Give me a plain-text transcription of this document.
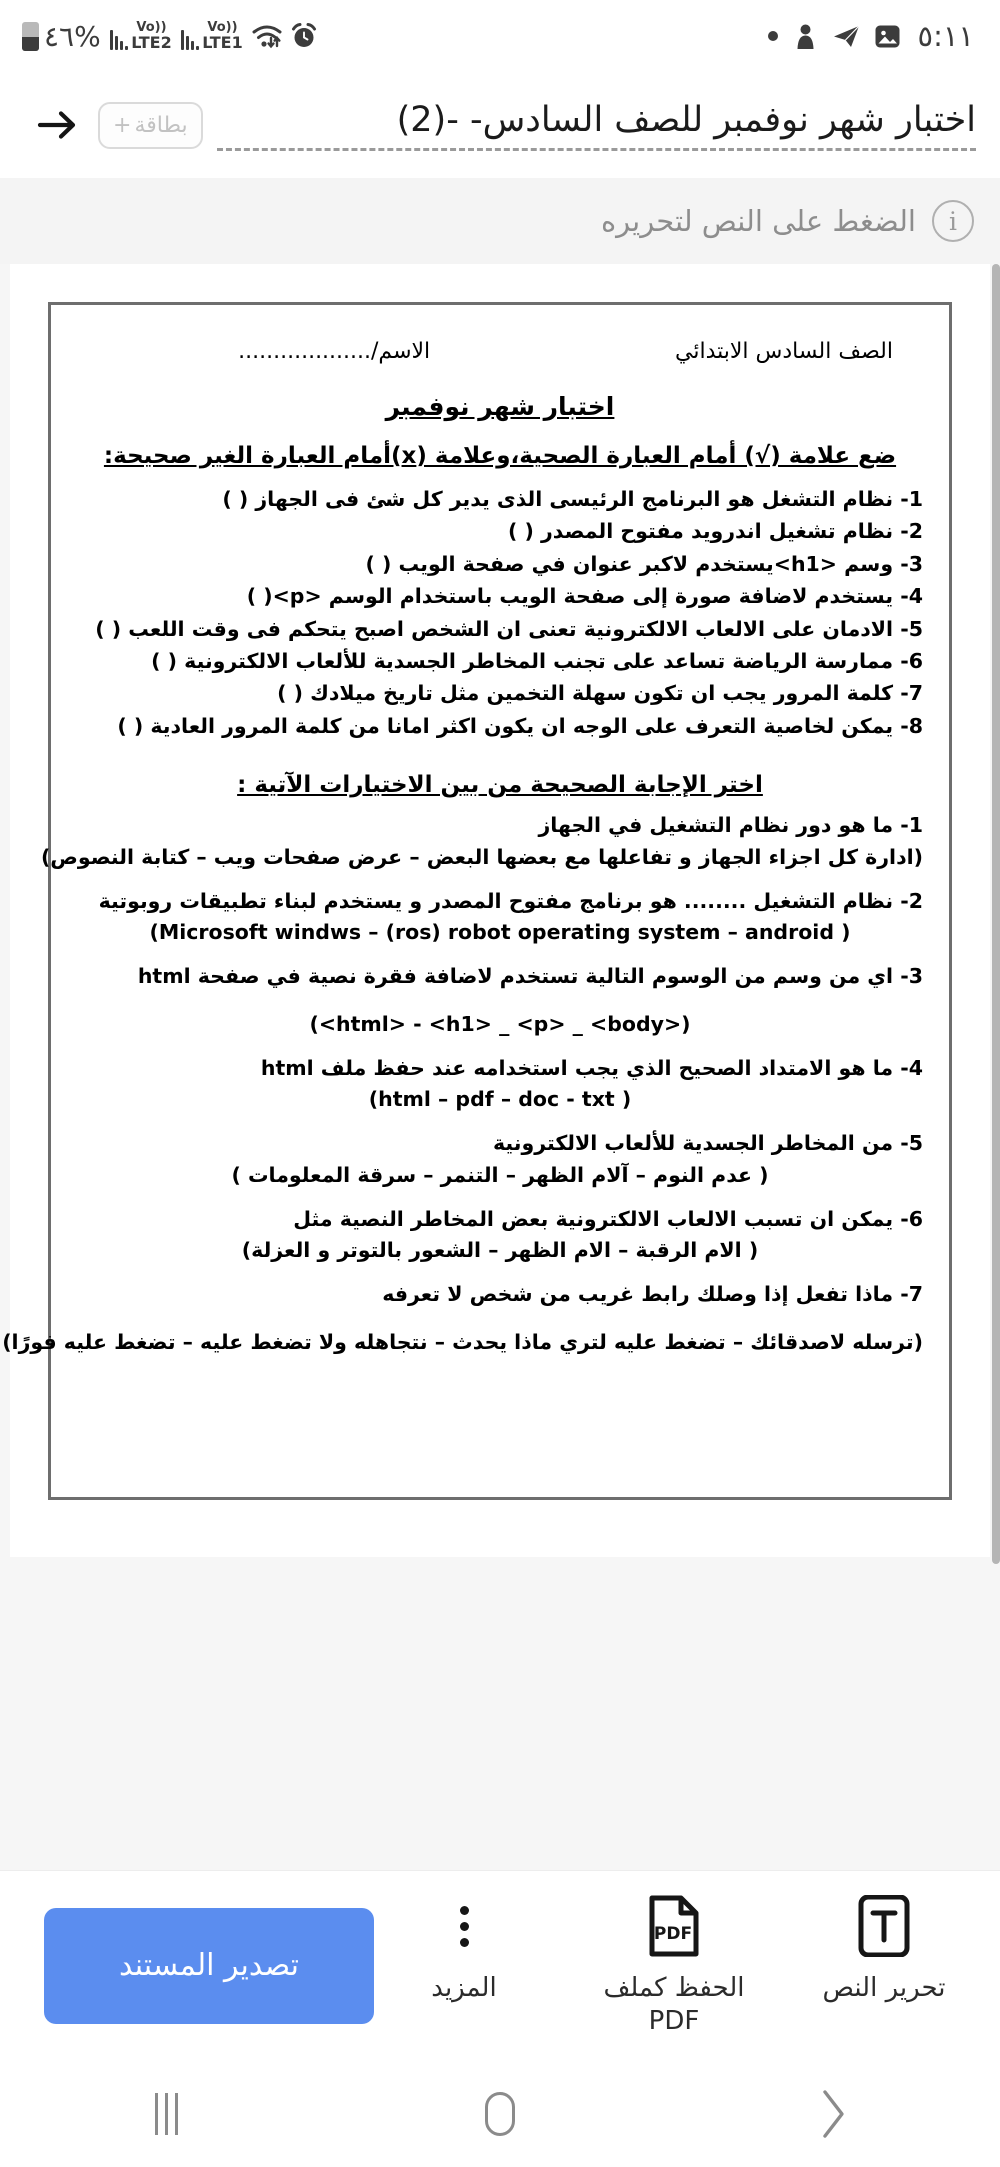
٤٦%	Vo))
LTE2
Vo))
LTE1	٥:١١
اختبار شهر نوفمبر للصف السادس- -(2)
بطاقة
+
i
الضغط على النص لتحريره
الصف السادس الابتدائي
الاسم/...................
اختبار شهر نوفمبر
ضع علامة (√) أمام العبارة الصحية،وعلامة (x)أمام العبارة الغير صحيحة:
1- نظام التشغل هو البرنامج الرئيسى الذى يدير كل شئ فى الجهاز ( )
2- نظام تشغيل اندرويد مفتوح المصدر ( )
3- وسم <h1>يستخدم لاكبر عنوان في صفحة الويب ( )
4- يستخدم لاضافة صورة إلى صفحة الويب باستخدام الوسم <p>( )
5- الادمان على الالعاب الالكترونية تعنى ان الشخص اصبح يتحكم فى وقت اللعب ( )
6- ممارسة الرياضة تساعد على تجنب المخاطر الجسدية للألعاب الالكترونية ( )
7- كلمة المرور يجب ان تكون سهلة التخمين مثل تاريخ ميلادك ( )
8- يمكن لخاصية التعرف على الوجه ان يكون اكثر امانا من كلمة المرور العادية ( )
اختر الإجابة الصحيحة من بين الاختيارات الآتية :
1- ما هو دور نظام التشغيل في الجهاز
(ادارة كل اجزاء الجهاز و تفاعلها مع بعضها البعض – عرض صفحات ويب – كتابة النصوص)
2- نظام التشغيل ........ هو برنامج مفتوح المصدر و يستخدم لبناء تطبيقات روبوتية
(Microsoft windws – (ros) robot operating system – android )
3- اي من وسم من الوسوم التالية تستخدم لاضافة فقرة نصية في صفحة html
(<html> - <h1> _ <p> _ <body>)
4- ما هو الامتداد الصحيح الذي يجب استخدامه عند حفظ ملف html
(html – pdf – doc - txt )
5- من المخاطر الجسدية للألعاب الالكترونية
( عدم النوم – آلام الظهر – التنمر – سرقة المعلومات )
6- يمكن ان تسبب الالعاب الالكترونية بعض المخاطر النصية مثل
( الام الرقبة – الام الظهر – الشعور بالتوتر و العزلة)
7- ماذا تفعل إذا وصلك رابط غريب من شخص لا تعرفه
(ترسله لاصدقائك – تضغط عليه لتري ماذا يحدث – نتجاهله ولا تضغط عليه – تضغط عليه فورًا)
تحرير النص
PDF
الحفظ كملف PDF
المزيد
تصدير المستند
